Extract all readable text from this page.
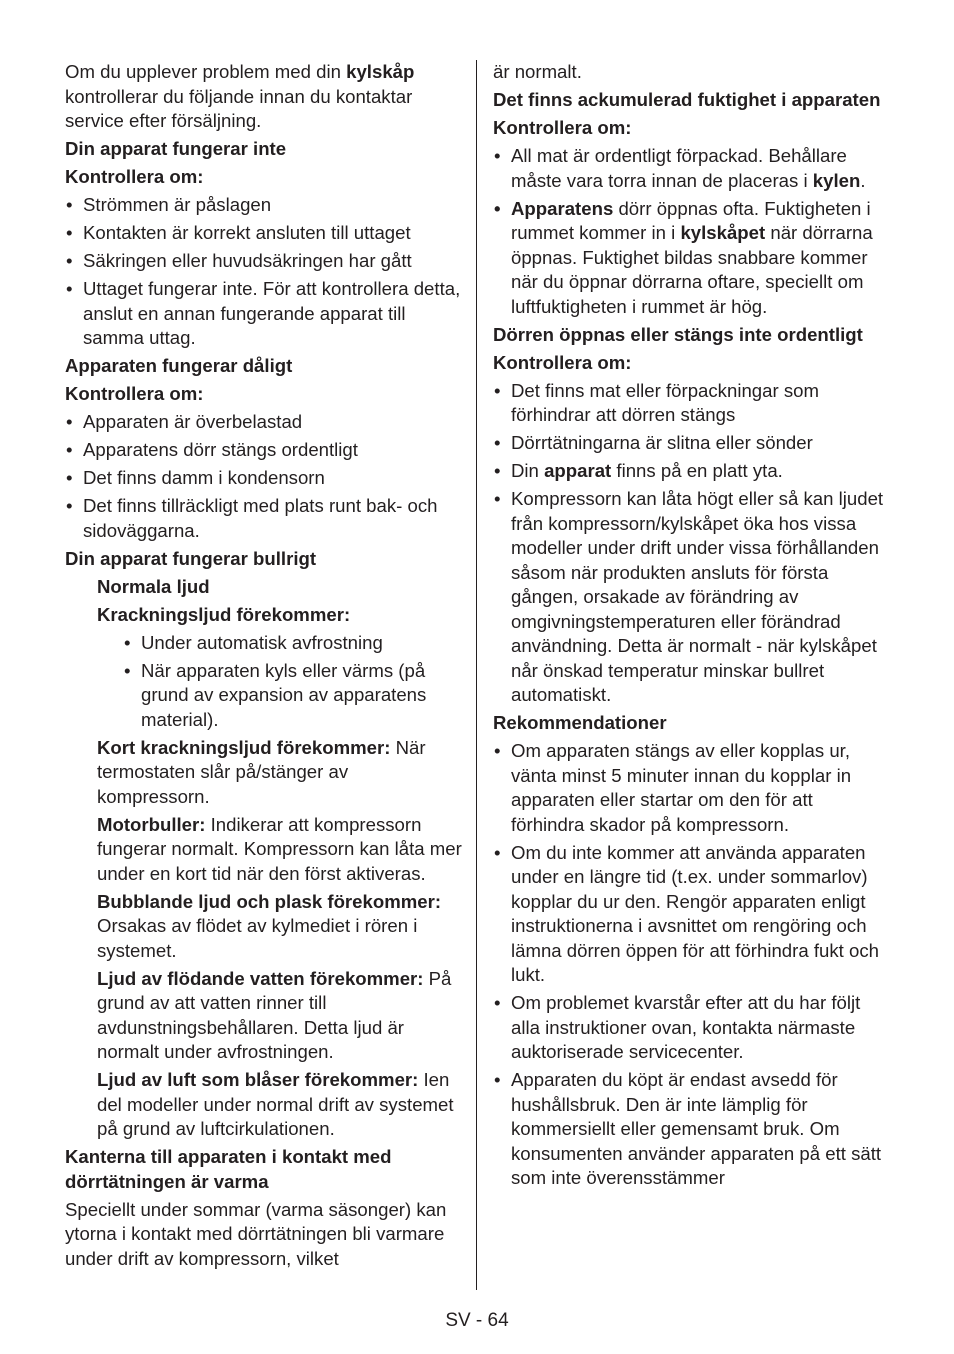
Om du upplever problem med din kylskåp kontrollerar du följande innan du kontaktar service efter försäljning.

Din apparat fungerar inte

Kontrollera om:

• Strömmen är påslagen
• Kontakten är korrekt ansluten till uttaget
• Säkringen eller huvudsäkringen har gått
• Uttaget fungerar inte. För att kontrollera detta, anslut en annan fungerande apparat till samma uttag.

Apparaten fungerar dåligt

Kontrollera om:

• Apparaten är överbelastad
• Apparatens dörr stängs ordentligt
• Det finns damm i kondensorn
• Det finns tillräckligt med plats runt bak- och sidoväggarna.

Din apparat fungerar bullrigt

Normala ljud

Krackningsljud förekommer:

• Under automatisk avfrostning
• När apparaten kyls eller värms (på grund av expansion av apparatens material).

Kort krackningsljud förekommer: När termostaten slår på/stänger av kompressorn.

Motorbuller: Indikerar att kompressorn fungerar normalt. Kompressorn kan låta mer under en kort tid när den först aktiveras.

Bubblande ljud och plask förekommer: Orsakas av flödet av kylmediet i rören i systemet.

Ljud av flödande vatten förekommer: På grund av att vatten rinner till avdunstningsbehållaren. Detta ljud är normalt under avfrostningen.

Ljud av luft som blåser förekommer: Ien del modeller under normal drift av systemet på grund av luftcirkulationen.

Kanterna till apparaten i kontakt med dörrtätningen är varma

Speciellt under sommar (varma säsonger) kan ytorna i kontakt med dörrtätningen bli varmare under drift av kompressorn, vilket

är normalt.

Det finns ackumulerad fuktighet i apparaten

Kontrollera om:

• All mat är ordentligt förpackad. Behållare måste vara torra innan de placeras i kylen.
• Apparatens dörr öppnas ofta. Fuktigheten i rummet kommer in i kylskåpet när dörrarna öppnas. Fuktighet bildas snabbare kommer när du öppnar dörrarna oftare, speciellt om luftfuktigheten i rummet är hög.

Dörren öppnas eller stängs inte ordentligt

Kontrollera om:

• Det finns mat eller förpackningar som förhindrar att dörren stängs
• Dörrtätningarna är slitna eller sönder
• Din apparat finns på en platt yta.
• Kompressorn kan låta högt eller så kan ljudet från kompressorn/kylskåpet öka hos vissa modeller under drift under vissa förhållanden såsom när produkten ansluts för första gången, orsakade av förändring av omgivningstemperaturen eller förändrad användning. Detta är normalt - när kylskåpet når önskad temperatur minskar bullret automatiskt.

Rekommendationer

• Om apparaten stängs av eller kopplas ur, vänta minst 5 minuter innan du kopplar in apparaten eller startar om den för att förhindra skador på kompressorn.
• Om du inte kommer att använda apparaten under en längre tid (t.ex. under sommarlov) kopplar du ur den. Rengör apparaten enligt instruktionerna i avsnittet om rengöring och lämna dörren öppen för att förhindra fukt och lukt.
• Om problemet kvarstår efter att du har följt alla instruktioner ovan, kontakta närmaste auktoriserade servicecenter.
• Apparaten du köpt är endast avsedd för hushållsbruk. Den är inte lämplig för kommersiellt eller gemensamt bruk. Om konsumenten använder apparaten på ett sätt som inte överensstämmer
SV - 64
